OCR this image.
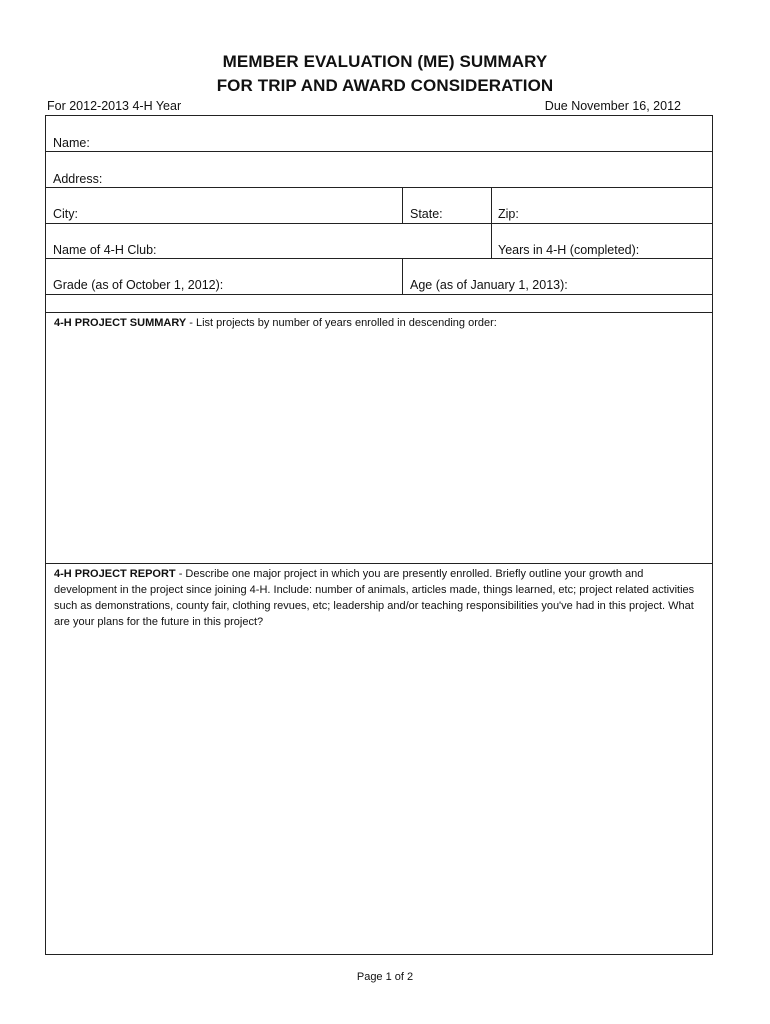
MEMBER EVALUATION (ME) SUMMARY
FOR TRIP AND AWARD CONSIDERATION
For 2012-2013 4-H Year	Due November 16, 2012
Name:
Address:
City:	State:	Zip:
Name of 4-H Club:	Years in 4-H (completed):
Grade (as of October 1, 2012):	Age (as of January 1, 2013):
4-H PROJECT SUMMARY - List projects by number of years enrolled in descending order:
4-H PROJECT REPORT - Describe one major project in which you are presently enrolled. Briefly outline your growth and development in the project since joining 4-H. Include: number of animals, articles made, things learned, etc; project related activities such as demonstrations, county fair, clothing revues, etc; leadership and/or teaching responsibilities you've had in this project. What are your plans for the future in this project?
Page 1 of 2
